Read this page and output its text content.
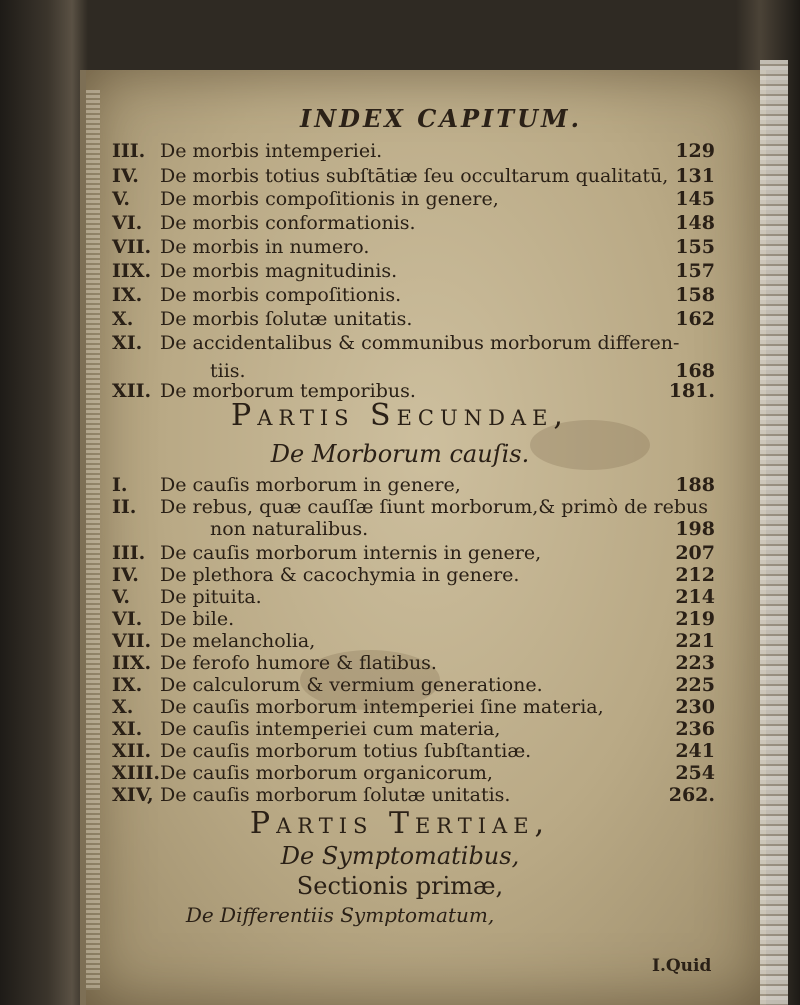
INDEX CAPITUM.
III. De morbis intemperiei.	129
IV. De morbis totius subſtātiæ ſeu occultarum qualitatū, 131
V. De morbis compoſitionis in genere,	145
VI. De morbis conformationis.	148
VII. De morbis in numero.	155
IIX. De morbis magnitudinis.	157
IX. De morbis compoſitionis.	158
X. De morbis ſolutæ unitatis.	162
XI. De accidentalibus & communibus morborum differen-
tiis.	168
XII. De morborum temporibus.	181.
Partis Secundae,
De Morborum cauſis.
I. De cauſis morborum in genere,	188
II. De rebus, quæ cauſſæ ſiunt morborum,& primò de rebus
non naturalibus.	198
III. De cauſis morborum internis in genere,	207
IV. De plethora & cacochymia in genere.	212
V. De pituita.	214
VI. De bile.	219
VII. De melancholia,	221
IIX. De ferofo humore & flatibus.	223
IX. De calculorum & vermium generatione.	225
X. De cauſis morborum intemperiei ſine materia,	230
XI. De cauſis intemperiei cum materia,	236
XII. De cauſis morborum totius ſubſtantiæ.	241
XIII. De cauſis morborum organicorum,	254
XIV, De cauſis morborum ſolutæ unitatis.	262.
Partis Tertiae,
De Symptomatibus,
Sectionis primæ,
De Differentiis Symptomatum,
I.Quid
